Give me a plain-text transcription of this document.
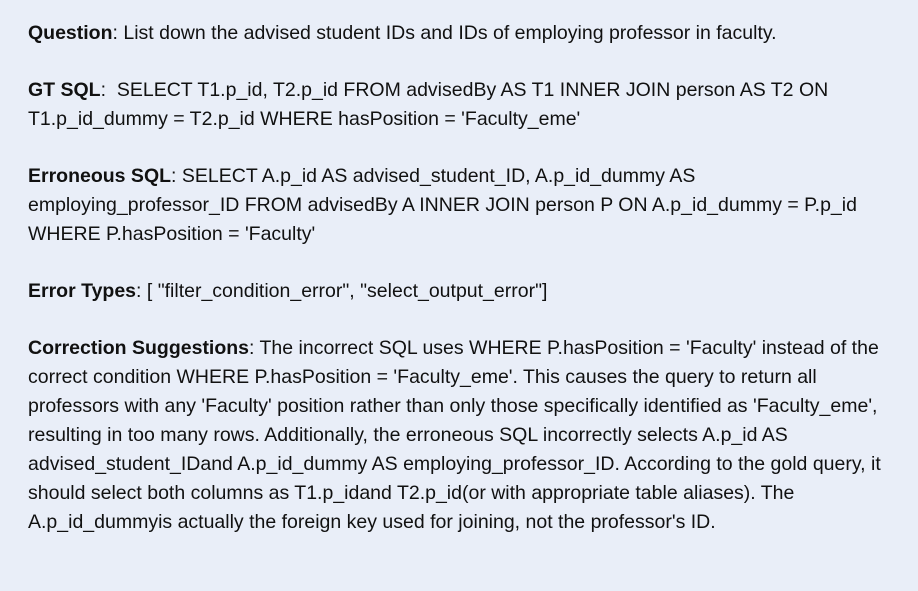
Question: List down the advised student IDs and IDs of employing professor in faculty.
GT SQL:  SELECT T1.p_id, T2.p_id FROM advisedBy AS T1 INNER JOIN person AS T2 ON T1.p_id_dummy = T2.p_id WHERE hasPosition = 'Faculty_eme'
Erroneous SQL: SELECT A.p_id AS advised_student_ID, A.p_id_dummy AS employing_professor_ID FROM advisedBy A INNER JOIN person P ON A.p_id_dummy = P.p_id WHERE P.hasPosition = 'Faculty'
Error Types: [ "filter_condition_error", "select_output_error"]
Correction Suggestions: The incorrect SQL uses WHERE P.hasPosition = 'Faculty' instead of the correct condition WHERE P.hasPosition = 'Faculty_eme'. This causes the query to return all professors with any 'Faculty' position rather than only those specifically identified as 'Faculty_eme', resulting in too many rows. Additionally, the erroneous SQL incorrectly selects A.p_id AS advised_student_IDand A.p_id_dummy AS employing_professor_ID. According to the gold query, it should select both columns as T1.p_idand T2.p_id(or with appropriate table aliases). The A.p_id_dummyis actually the foreign key used for joining, not the professor's ID.
